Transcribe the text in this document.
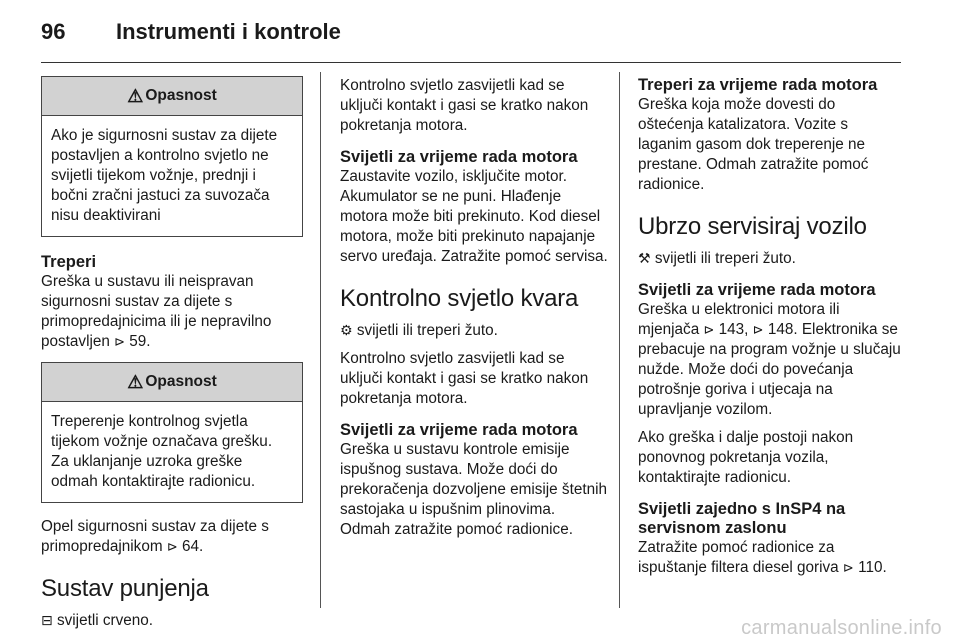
96 Instrumenti i kontrole
⚠ Opasnost
Ako je sigurnosni sustav za dijete postavljen a kontrolno svjetlo ne svijetli tijekom vožnje, prednji i bočni zračni jastuci za suvozača nisu deaktivirani
Treperi

Greška u sustavu ili neispravan sigurnosni sustav za dijete s primopredajnicima ili je nepravilno postavljen ⊳ 59.

⚠ Opasnost
Treperenje kontrolnog svjetla tijekom vožnje označava grešku. Za uklanjanje uzroka greške odmah kontaktirajte radionicu.

Opel sigurnosni sustav za dijete s primopredajnikom ⊳ 64.

Sustav punjenja

⊟ svijetli crveno.

Kontrolno svjetlo zasvijetli kad se uključi kontakt i gasi se kratko nakon pokretanja motora.

Svijetli za vrijeme rada motora

Zaustavite vozilo, isključite motor. Akumulator se ne puni. Hlađenje motora može biti prekinuto. Kod diesel motora, može biti prekinuto napajanje servo uređaja. Zatražite pomoć servisa.

Kontrolno svjetlo kvara

⚙ svijetli ili treperi žuto.

Kontrolno svjetlo zasvijetli kad se uključi kontakt i gasi se kratko nakon pokretanja motora.

Svijetli za vrijeme rada motora

Greška u sustavu kontrole emisije ispušnog sustava. Može doći do prekoračenja dozvoljene emisije štetnih sastojaka u ispušnim plinovima. Odmah zatražite pomoć radionice.

Treperi za vrijeme rada motora

Greška koja može dovesti do oštećenja katalizatora. Vozite s laganim gasom dok treperenje ne prestane. Odmah zatražite pomoć radionice.

Ubrzo servisiraj vozilo

⚒ svijetli ili treperi žuto.

Svijetli za vrijeme rada motora

Greška u elektronici motora ili mjenjača ⊳ 143, ⊳ 148. Elektronika se prebacuje na program vožnje u slučaju nužde. Može doći do povećanja potrošnje goriva i utjecaja na upravljanje vozilom.

Ako greška i dalje postoji nakon ponovnog pokretanja vozila, kontaktirajte radionicu.

Svijetli zajedno s InSP4 na servisnom zaslonu

Zatražite pomoć radionice za ispuštanje filtera diesel goriva ⊳ 110.

carmanualsonline.info
